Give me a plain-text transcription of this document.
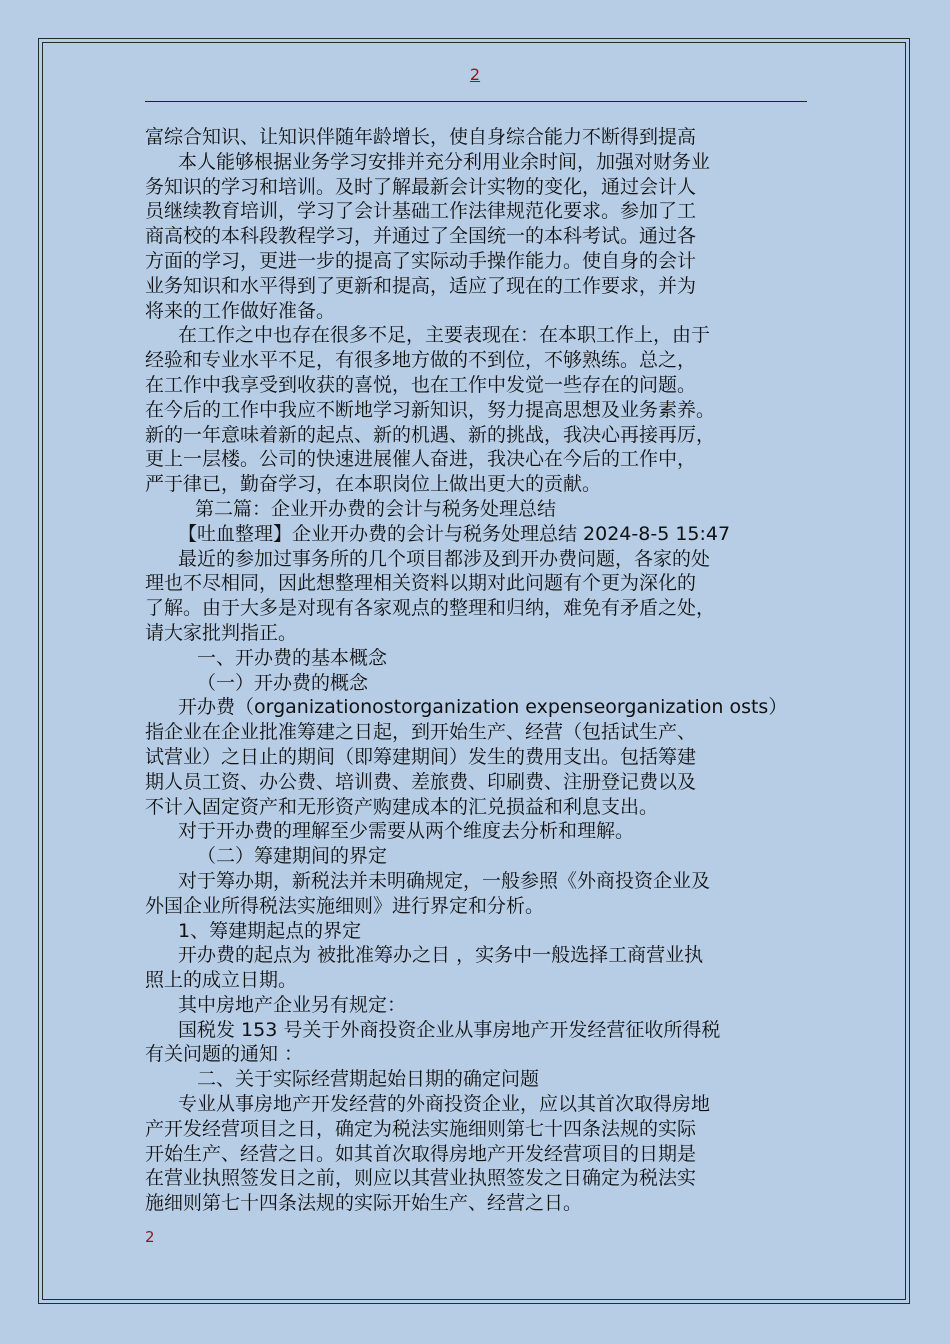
2

富综合知识、让知识伴随年龄增长，使自身综合能力不断得到提高

本人能够根据业务学习安排并充分利用业余时间，加强对财务业

务知识的学习和培训。及时了解最新会计实物的变化，通过会计人

员继续教育培训，学习了会计基础工作法律规范化要求。参加了工

商高校的本科段教程学习，并通过了全国统一的本科考试。通过各

方面的学习，更进一步的提高了实际动手操作能力。使自身的会计

业务知识和水平得到了更新和提高，适应了现在的工作要求，并为

将来的工作做好准备。

在工作之中也存在很多不足，主要表现在：在本职工作上，由于

经验和专业水平不足，有很多地方做的不到位，不够熟练。总之，

在工作中我享受到收获的喜悦，也在工作中发觉一些存在的问题。

在今后的工作中我应不断地学习新知识，努力提高思想及业务素养。

新的一年意味着新的起点、新的机遇、新的挑战，我决心再接再厉，

更上一层楼。公司的快速进展催人奋进，我决心在今后的工作中，

严于律已，勤奋学习，在本职岗位上做出更大的贡献。

第二篇：企业开办费的会计与税务处理总结

【吐血整理】企业开办费的会计与税务处理总结 2024-8-5 15:47

最近的参加过事务所的几个项目都涉及到开办费问题，各家的处

理也不尽相同，因此想整理相关资料以期对此问题有个更为深化的

了解。由于大多是对现有各家观点的整理和归纳，难免有矛盾之处，

请大家批判指正。

一、开办费的基本概念

（一）开办费的概念

开办费（organizationostorganization expenseorganization osts）

指企业在企业批准筹建之日起，到开始生产、经营（包括试生产、

试营业）之日止的期间（即筹建期间）发生的费用支出。包括筹建

期人员工资、办公费、培训费、差旅费、印刷费、注册登记费以及

不计入固定资产和无形资产购建成本的汇兑损益和利息支出。

对于开办费的理解至少需要从两个维度去分析和理解。

（二）筹建期间的界定

对于筹办期，新税法并未明确规定，一般参照《外商投资企业及

外国企业所得税法实施细则》进行界定和分析。

1、筹建期起点的界定

开办费的起点为 被批准筹办之日 ，实务中一般选择工商营业执

照上的成立日期。

其中房地产企业另有规定：

国税发 153 号关于外商投资企业从事房地产开发经营征收所得税

有关问题的通知 ：

二、关于实际经营期起始日期的确定问题

专业从事房地产开发经营的外商投资企业，应以其首次取得房地

产开发经营项目之日，确定为税法实施细则第七十四条法规的实际

开始生产、经营之日。如其首次取得房地产开发经营项目的日期是

在营业执照签发日之前，则应以其营业执照签发之日确定为税法实

施细则第七十四条法规的实际开始生产、经营之日。

2
